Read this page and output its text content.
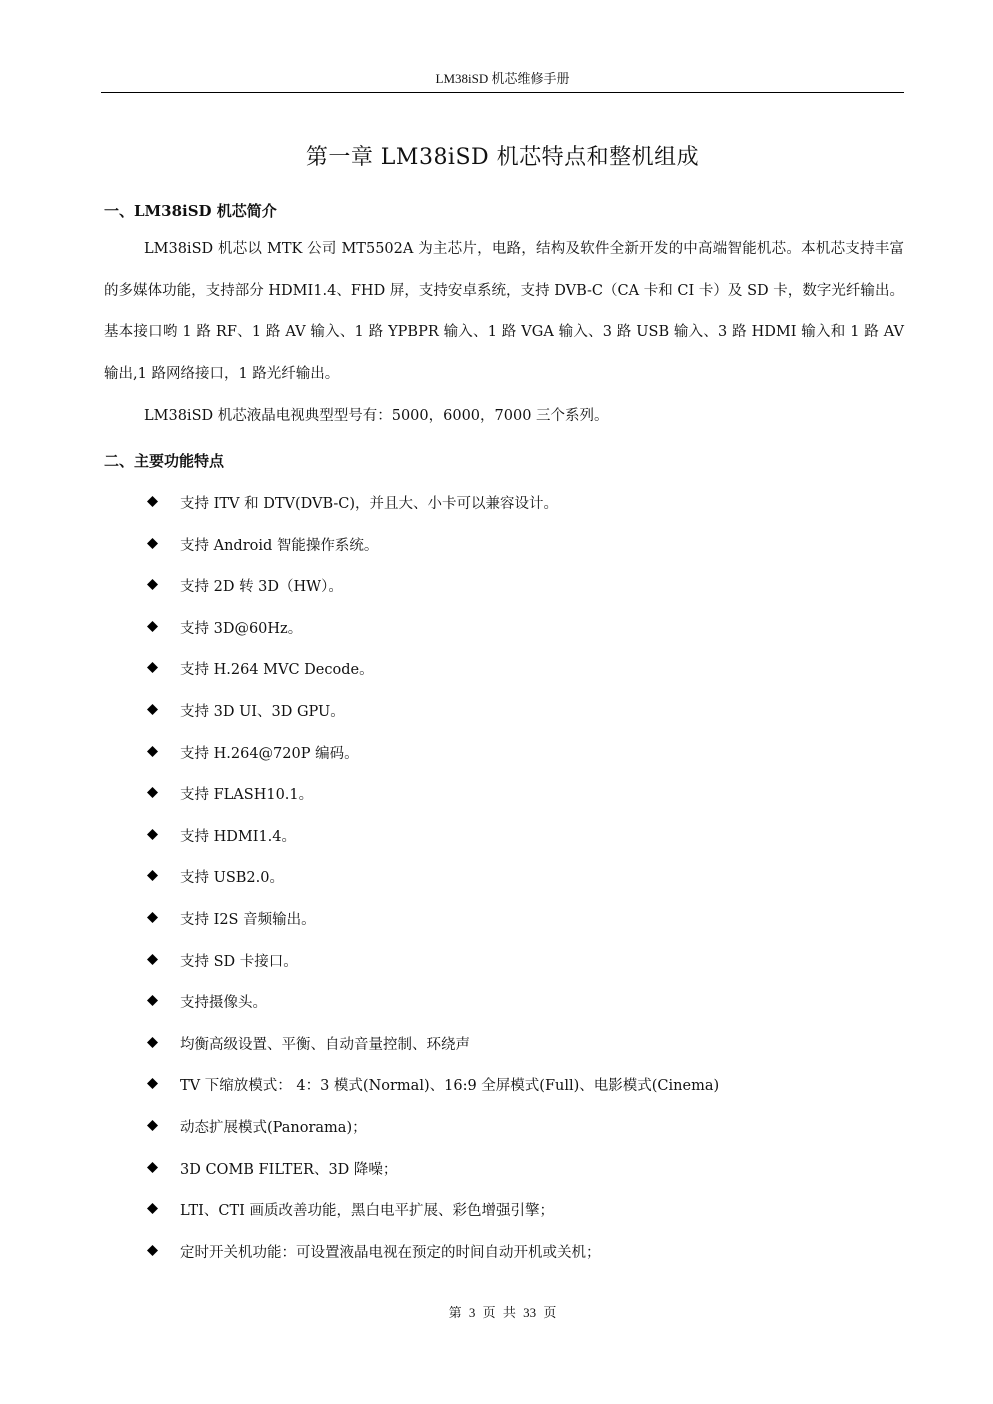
LM38iSD 机芯维修手册
第一章 LM38iSD 机芯特点和整机组成
一、LM38iSD 机芯简介

LM38iSD 机芯以 MTK 公司 MT5502A 为主芯片，电路，结构及软件全新开发的中高端智能机芯。本机芯支持丰富的多媒体功能，支持部分 HDMI1.4、FHD 屏，支持安卓系统，支持 DVB-C（CA 卡和 CI 卡）及 SD 卡，数字光纤输出。基本接口哟 1 路 RF、1 路 AV 输入、1 路 YPBPR 输入、1 路 VGA 输入、3 路 USB 输入、3 路 HDMI 输入和 1 路 AV 输出,1 路网络接口，1 路光纤输出。

LM38iSD 机芯液晶电视典型型号有：5000，6000，7000 三个系列。

二、主要功能特点
支持 ITV 和 DTV(DVB-C)，并且大、小卡可以兼容设计。
支持 Android 智能操作系统。
支持 2D 转 3D（HW）。
支持 3D@60Hz。
支持 H.264 MVC Decode。
支持 3D UI、3D GPU。
支持 H.264@720P 编码。
支持 FLASH10.1。
支持 HDMI1.4。
支持 USB2.0。
支持 I2S 音频输出。
支持 SD 卡接口。
支持摄像头。
均衡高级设置、平衡、自动音量控制、环绕声
TV 下缩放模式： 4：3 模式(Normal)、16:9 全屏模式(Full)、电影模式(Cinema)
动态扩展模式(Panorama)；
3D COMB FILTER、3D 降噪；
LTI、CTI 画质改善功能，黑白电平扩展、彩色增强引擎；
定时开关机功能：可设置液晶电视在预定的时间自动开机或关机；
第 3 页 共 33 页
